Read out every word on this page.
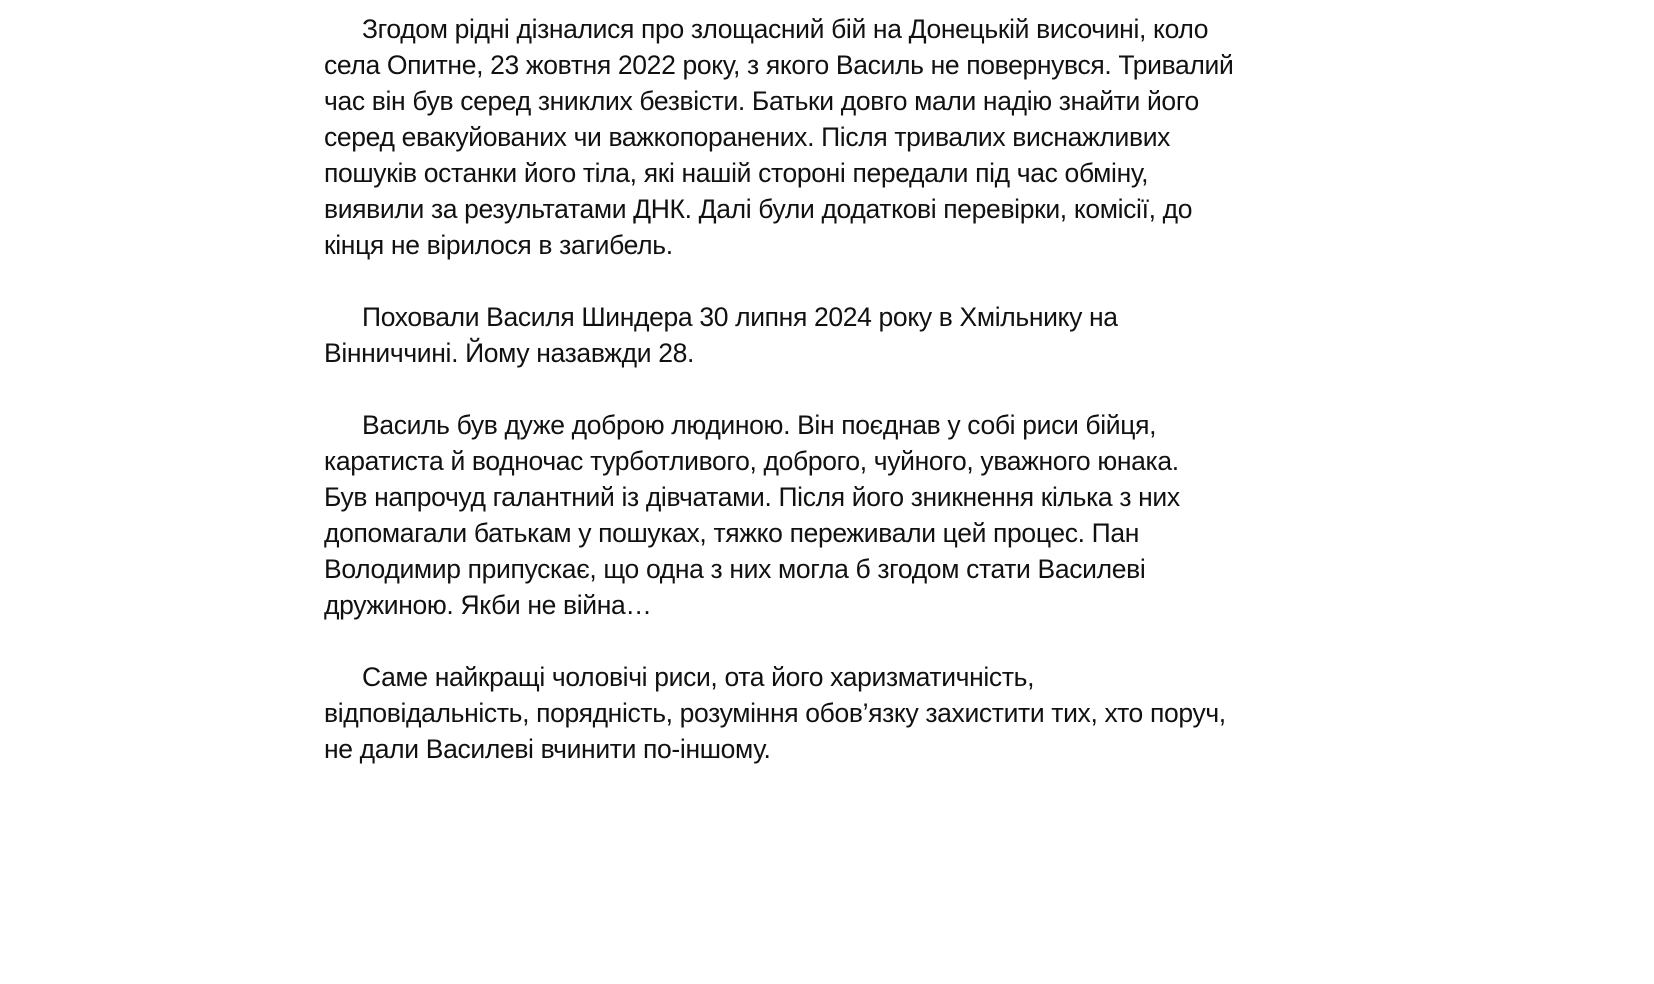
Згодом рідні дізналися про злощасний бій на Донецькій височині, коло
села Опитне, 23 жовтня 2022 року, з якого Василь не повернувся. Тривалий
час він був серед зниклих безвісти. Батьки довго мали надію знайти його
серед евакуйованих чи важкопоранених. Після тривалих виснажливих
пошуків останки його тіла, які нашій стороні передали під час обміну,
виявили за результатами ДНК. Далі були додаткові перевірки, комісії, до
кінця не вірилося в загибель.

Поховали Василя Шиндера 30 липня 2024 року в Хмільнику на
Вінниччині. Йому назавжди 28.

Василь був дуже доброю людиною. Він поєднав у собі риси бійця,
каратиста й водночас турботливого, доброго, чуйного, уважного юнака.
Був напрочуд галантний із дівчатами. Після його зникнення кілька з них
допомагали батькам у пошуках, тяжко переживали цей процес. Пан
Володимир припускає, що одна з них могла б згодом стати Василеві
дружиною. Якби не війна…

Саме найкращі чоловічі риси, ота його харизматичність,
відповідальність, порядність, розуміння обов’язку захистити тих, хто поруч,
не дали Василеві вчинити по-іншому.
